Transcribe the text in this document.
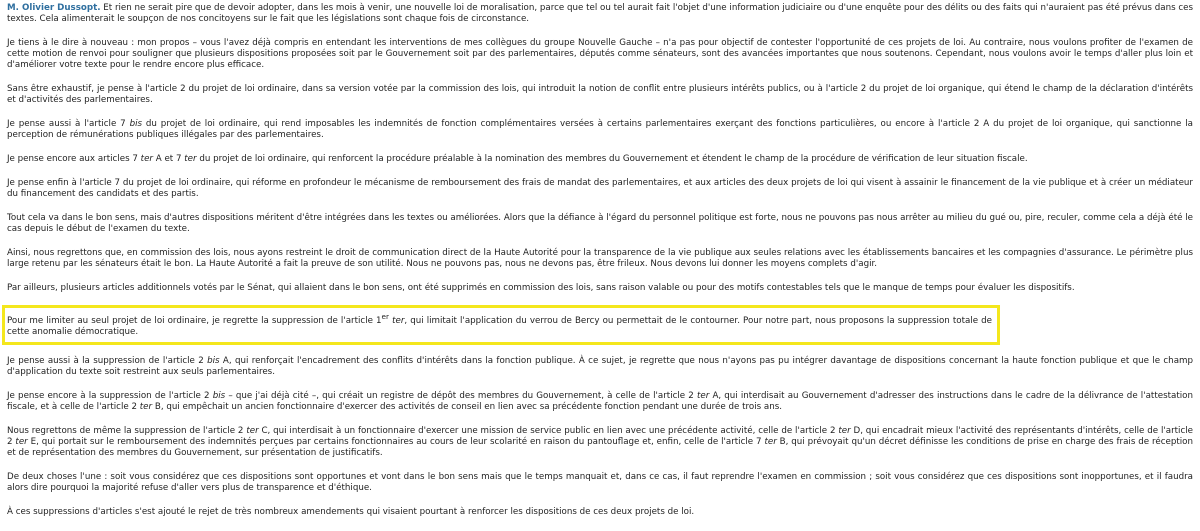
M. Olivier Dussopt. Et rien ne serait pire que de devoir adopter, dans les mois à venir, une nouvelle loi de moralisation, parce que tel ou tel aurait fait l'objet d'une information judiciaire ou d'une enquête pour des délits ou des faits qui n'auraient pas été prévus dans ces textes. Cela alimenterait le soupçon de nos concitoyens sur le fait que les législations sont chaque fois de circonstance.

Je tiens à le dire à nouveau : mon propos – vous l'avez déjà compris en entendant les interventions de mes collègues du groupe Nouvelle Gauche – n'a pas pour objectif de contester l'opportunité de ces projets de loi. Au contraire, nous voulons profiter de l'examen de cette motion de renvoi pour souligner que plusieurs dispositions proposées soit par le Gouvernement soit par des parlementaires, députés comme sénateurs, sont des avancées importantes que nous soutenons. Cependant, nous voulons avoir le temps d'aller plus loin et d'améliorer votre texte pour le rendre encore plus efficace.

Sans être exhaustif, je pense à l'article 2 du projet de loi ordinaire, dans sa version votée par la commission des lois, qui introduit la notion de conflit entre plusieurs intérêts publics, ou à l'article 2 du projet de loi organique, qui étend le champ de la déclaration d'intérêts et d'activités des parlementaires.

Je pense aussi à l'article 7 bis du projet de loi ordinaire, qui rend imposables les indemnités de fonction complémentaires versées à certains parlementaires exerçant des fonctions particulières, ou encore à l'article 2 A du projet de loi organique, qui sanctionne la perception de rémunérations publiques illégales par des parlementaires.

Je pense encore aux articles 7 ter A et 7 ter du projet de loi ordinaire, qui renforcent la procédure préalable à la nomination des membres du Gouvernement et étendent le champ de la procédure de vérification de leur situation fiscale.

Je pense enfin à l'article 7 du projet de loi ordinaire, qui réforme en profondeur le mécanisme de remboursement des frais de mandat des parlementaires, et aux articles des deux projets de loi qui visent à assainir le financement de la vie publique et à créer un médiateur du financement des candidats et des partis.

Tout cela va dans le bon sens, mais d'autres dispositions méritent d'être intégrées dans les textes ou améliorées. Alors que la défiance à l'égard du personnel politique est forte, nous ne pouvons pas nous arrêter au milieu du gué ou, pire, reculer, comme cela a déjà été le cas depuis le début de l'examen du texte.

Ainsi, nous regrettons que, en commission des lois, nous ayons restreint le droit de communication direct de la Haute Autorité pour la transparence de la vie publique aux seules relations avec les établissements bancaires et les compagnies d'assurance. Le périmètre plus large retenu par les sénateurs était le bon. La Haute Autorité a fait la preuve de son utilité. Nous ne pouvons pas, nous ne devons pas, être frileux. Nous devons lui donner les moyens complets d'agir.

Par ailleurs, plusieurs articles additionnels votés par le Sénat, qui allaient dans le bon sens, ont été supprimés en commission des lois, sans raison valable ou pour des motifs contestables tels que le manque de temps pour évaluer les dispositifs.

Pour me limiter au seul projet de loi ordinaire, je regrette la suppression de l'article 1er ter, qui limitait l'application du verrou de Bercy ou permettait de le contourner. Pour notre part, nous proposons la suppression totale de cette anomalie démocratique.

Je pense aussi à la suppression de l'article 2 bis A, qui renforçait l'encadrement des conflits d'intérêts dans la fonction publique. À ce sujet, je regrette que nous n'ayons pas pu intégrer davantage de dispositions concernant la haute fonction publique et que le champ d'application du texte soit restreint aux seuls parlementaires.

Je pense encore à la suppression de l'article 2 bis – que j'ai déjà cité –, qui créait un registre de dépôt des membres du Gouvernement, à celle de l'article 2 ter A, qui interdisait au Gouvernement d'adresser des instructions dans le cadre de la délivrance de l'attestation fiscale, et à celle de l'article 2 ter B, qui empêchait un ancien fonctionnaire d'exercer des activités de conseil en lien avec sa précédente fonction pendant une durée de trois ans.

Nous regrettons de même la suppression de l'article 2 ter C, qui interdisait à un fonctionnaire d'exercer une mission de service public en lien avec une précédente activité, celle de l'article 2 ter D, qui encadrait mieux l'activité des représentants d'intérêts, celle de l'article 2 ter E, qui portait sur le remboursement des indemnités perçues par certains fonctionnaires au cours de leur scolarité en raison du pantouflage et, enfin, celle de l'article 7 ter B, qui prévoyait qu'un décret définisse les conditions de prise en charge des frais de réception et de représentation des membres du Gouvernement, sur présentation de justificatifs.

De deux choses l'une : soit vous considérez que ces dispositions sont opportunes et vont dans le bon sens mais que le temps manquait et, dans ce cas, il faut reprendre l'examen en commission ; soit vous considérez que ces dispositions sont inopportunes, et il faudra alors dire pourquoi la majorité refuse d'aller vers plus de transparence et d'éthique.

À ces suppressions d'articles s'est ajouté le rejet de très nombreux amendements qui visaient pourtant à renforcer les dispositions de ces deux projets de loi.
